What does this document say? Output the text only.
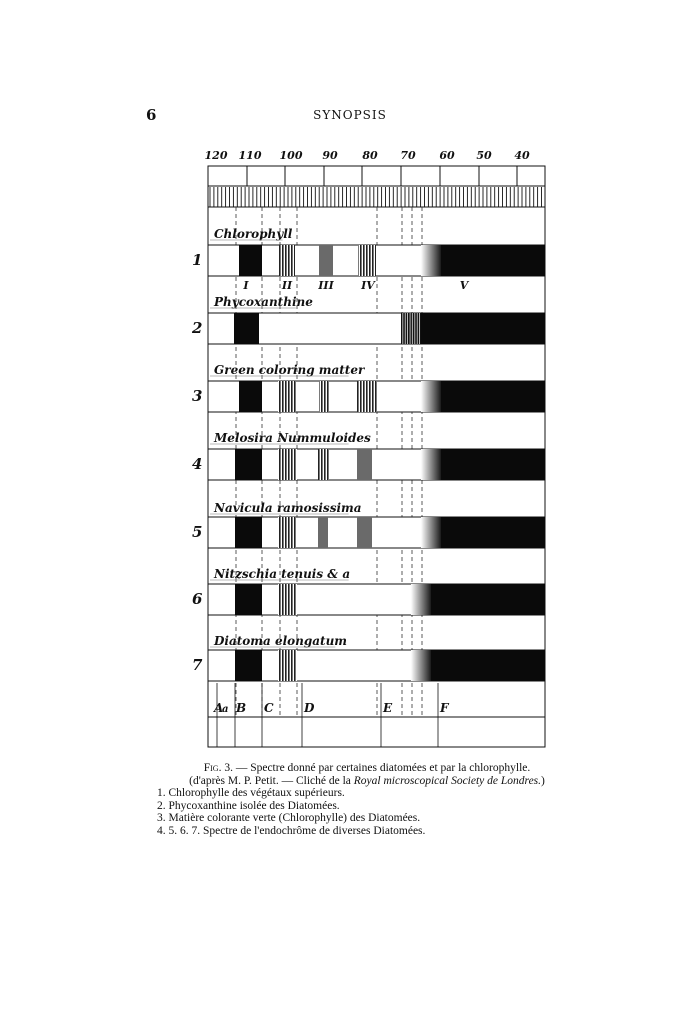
6	SYNOPSIS
120 110 100 90 80 70 60 50 40
1
Chlorophyll
I	II III IV	V
2
Phycoxanthine
3
Green coloring matter
4
Melosira Nummuloides
5
Navicula ramosissima
6
Nitzschia tenuis & a
7
Diatoma elongatum
A
a B C	D	E	F
Fig. 3. — Spectre donné par certaines diatomées et par la chlorophylle.
(d'après M. P. Petit. — Cliché de la Royal microscopical Society de Londres.)
1. Chlorophylle des végétaux supérieurs.
2. Phycoxanthine isolée des Diatomées.
3. Matière colorante verte (Chlorophylle) des Diatomées.
4. 5. 6. 7. Spectre de l'endochrôme de diverses Diatomées.
